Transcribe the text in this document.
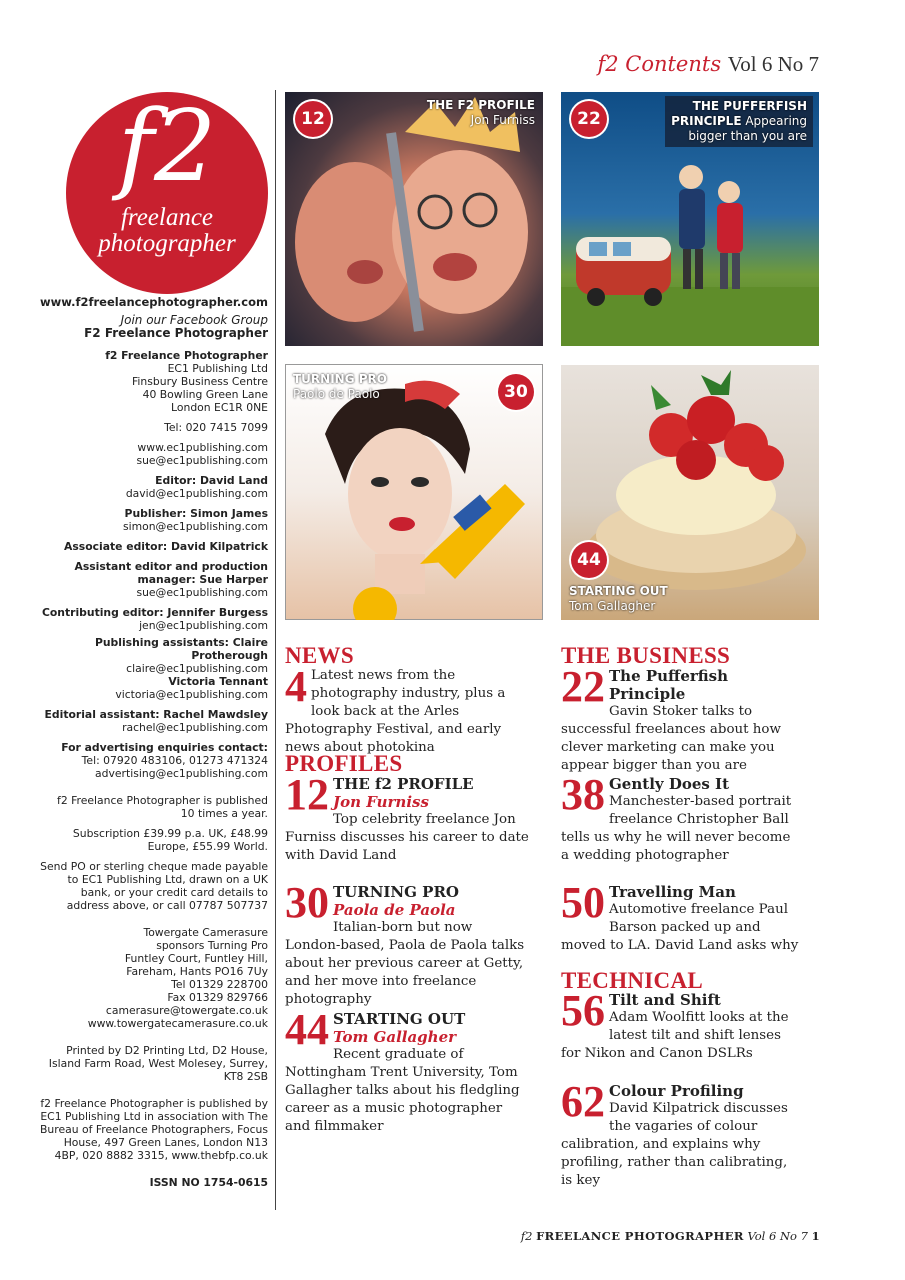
f2 Contents Vol 6 No 7
f2
freelance
photographer
www.f2freelancephotographer.com
Join our Facebook Group
F2 Freelance Photographer
f2 Freelance Photographer
EC1 Publishing Ltd
Finsbury Business Centre
40 Bowling Green Lane
London EC1R 0NE
Tel: 020 7415 7099
www.ec1publishing.com
sue@ec1publishing.com
Editor: David Land
david@ec1publishing.com
Publisher: Simon James
simon@ec1publishing.com
Associate editor: David Kilpatrick
Assistant editor and production manager: Sue Harper
sue@ec1publishing.com
Contributing editor: Jennifer Burgess
jen@ec1publishing.com
Publishing assistants: Claire Protherough
claire@ec1publishing.com
Victoria Tennant
victoria@ec1publishing.com
Editorial assistant: Rachel Mawdsley
rachel@ec1publishing.com
For advertising enquiries contact:
Tel: 07920 483106, 01273 471324
advertising@ec1publishing.com
f2 Freelance Photographer is published 10 times a year.
Subscription £39.99 p.a. UK, £48.99 Europe, £55.99 World.
Send PO or sterling cheque made payable to EC1 Publishing Ltd, drawn on a UK bank, or your credit card details to address above, or call 07787 507737
Towergate Camerasure
sponsors Turning Pro
Funtley Court, Funtley Hill,
Fareham, Hants PO16 7Uy
Tel 01329 228700
Fax 01329 829766
camerasure@towergate.co.uk
www.towergatecamerasure.co.uk
Printed by D2 Printing Ltd, D2 House, Island Farm Road, West Molesey, Surrey, KT8 2SB
f2 Freelance Photographer is published by EC1 Publishing Ltd in association with The Bureau of Freelance Photographers, Focus House, 497 Green Lanes, London N13 4BP, 020 8882 3315, www.thebfp.co.uk
ISSN NO 1754-0615
12
THE F2 PROFILE
Jon Furniss	22
THE PUFFERFISH
PRINCIPLE Appearing
bigger than you are
TURNING PRO
Paolo de Paolo	30
44
STARTING OUT
Tom Gallagher
NEWS
4 Latest news from the photography industry, plus a look back at the Arles Photography Festival, and early news about photokina
PROFILES
12 THE f2 PROFILE
Jon Furniss
Top celebrity freelance Jon Furniss discusses his career to date with David Land
30 TURNING PRO
Paola de Paola
Italian-born but now London-based, Paola de Paola talks about her previous career at Getty, and her move into freelance photography
44 STARTING OUT
Tom Gallagher
Recent graduate of Nottingham Trent University, Tom Gallagher talks about his fledgling career as a music photographer and filmmaker
THE BUSINESS
22 The Pufferfish Principle
Gavin Stoker talks to successful freelances about how clever marketing can make you appear bigger than you are
38 Gently Does It
Manchester-based portrait freelance Christopher Ball tells us why he will never become a wedding photographer
50 Travelling Man
Automotive freelance Paul Barson packed up and moved to LA. David Land asks why
TECHNICAL
56 Tilt and Shift
Adam Woolfitt looks at the latest tilt and shift lenses for Nikon and Canon DSLRs
62 Colour Profiling
David Kilpatrick discusses the vagaries of colour calibration, and explains why profiling, rather than calibrating, is key
f2 FREELANCE PHOTOGRAPHER Vol 6 No 7 1
